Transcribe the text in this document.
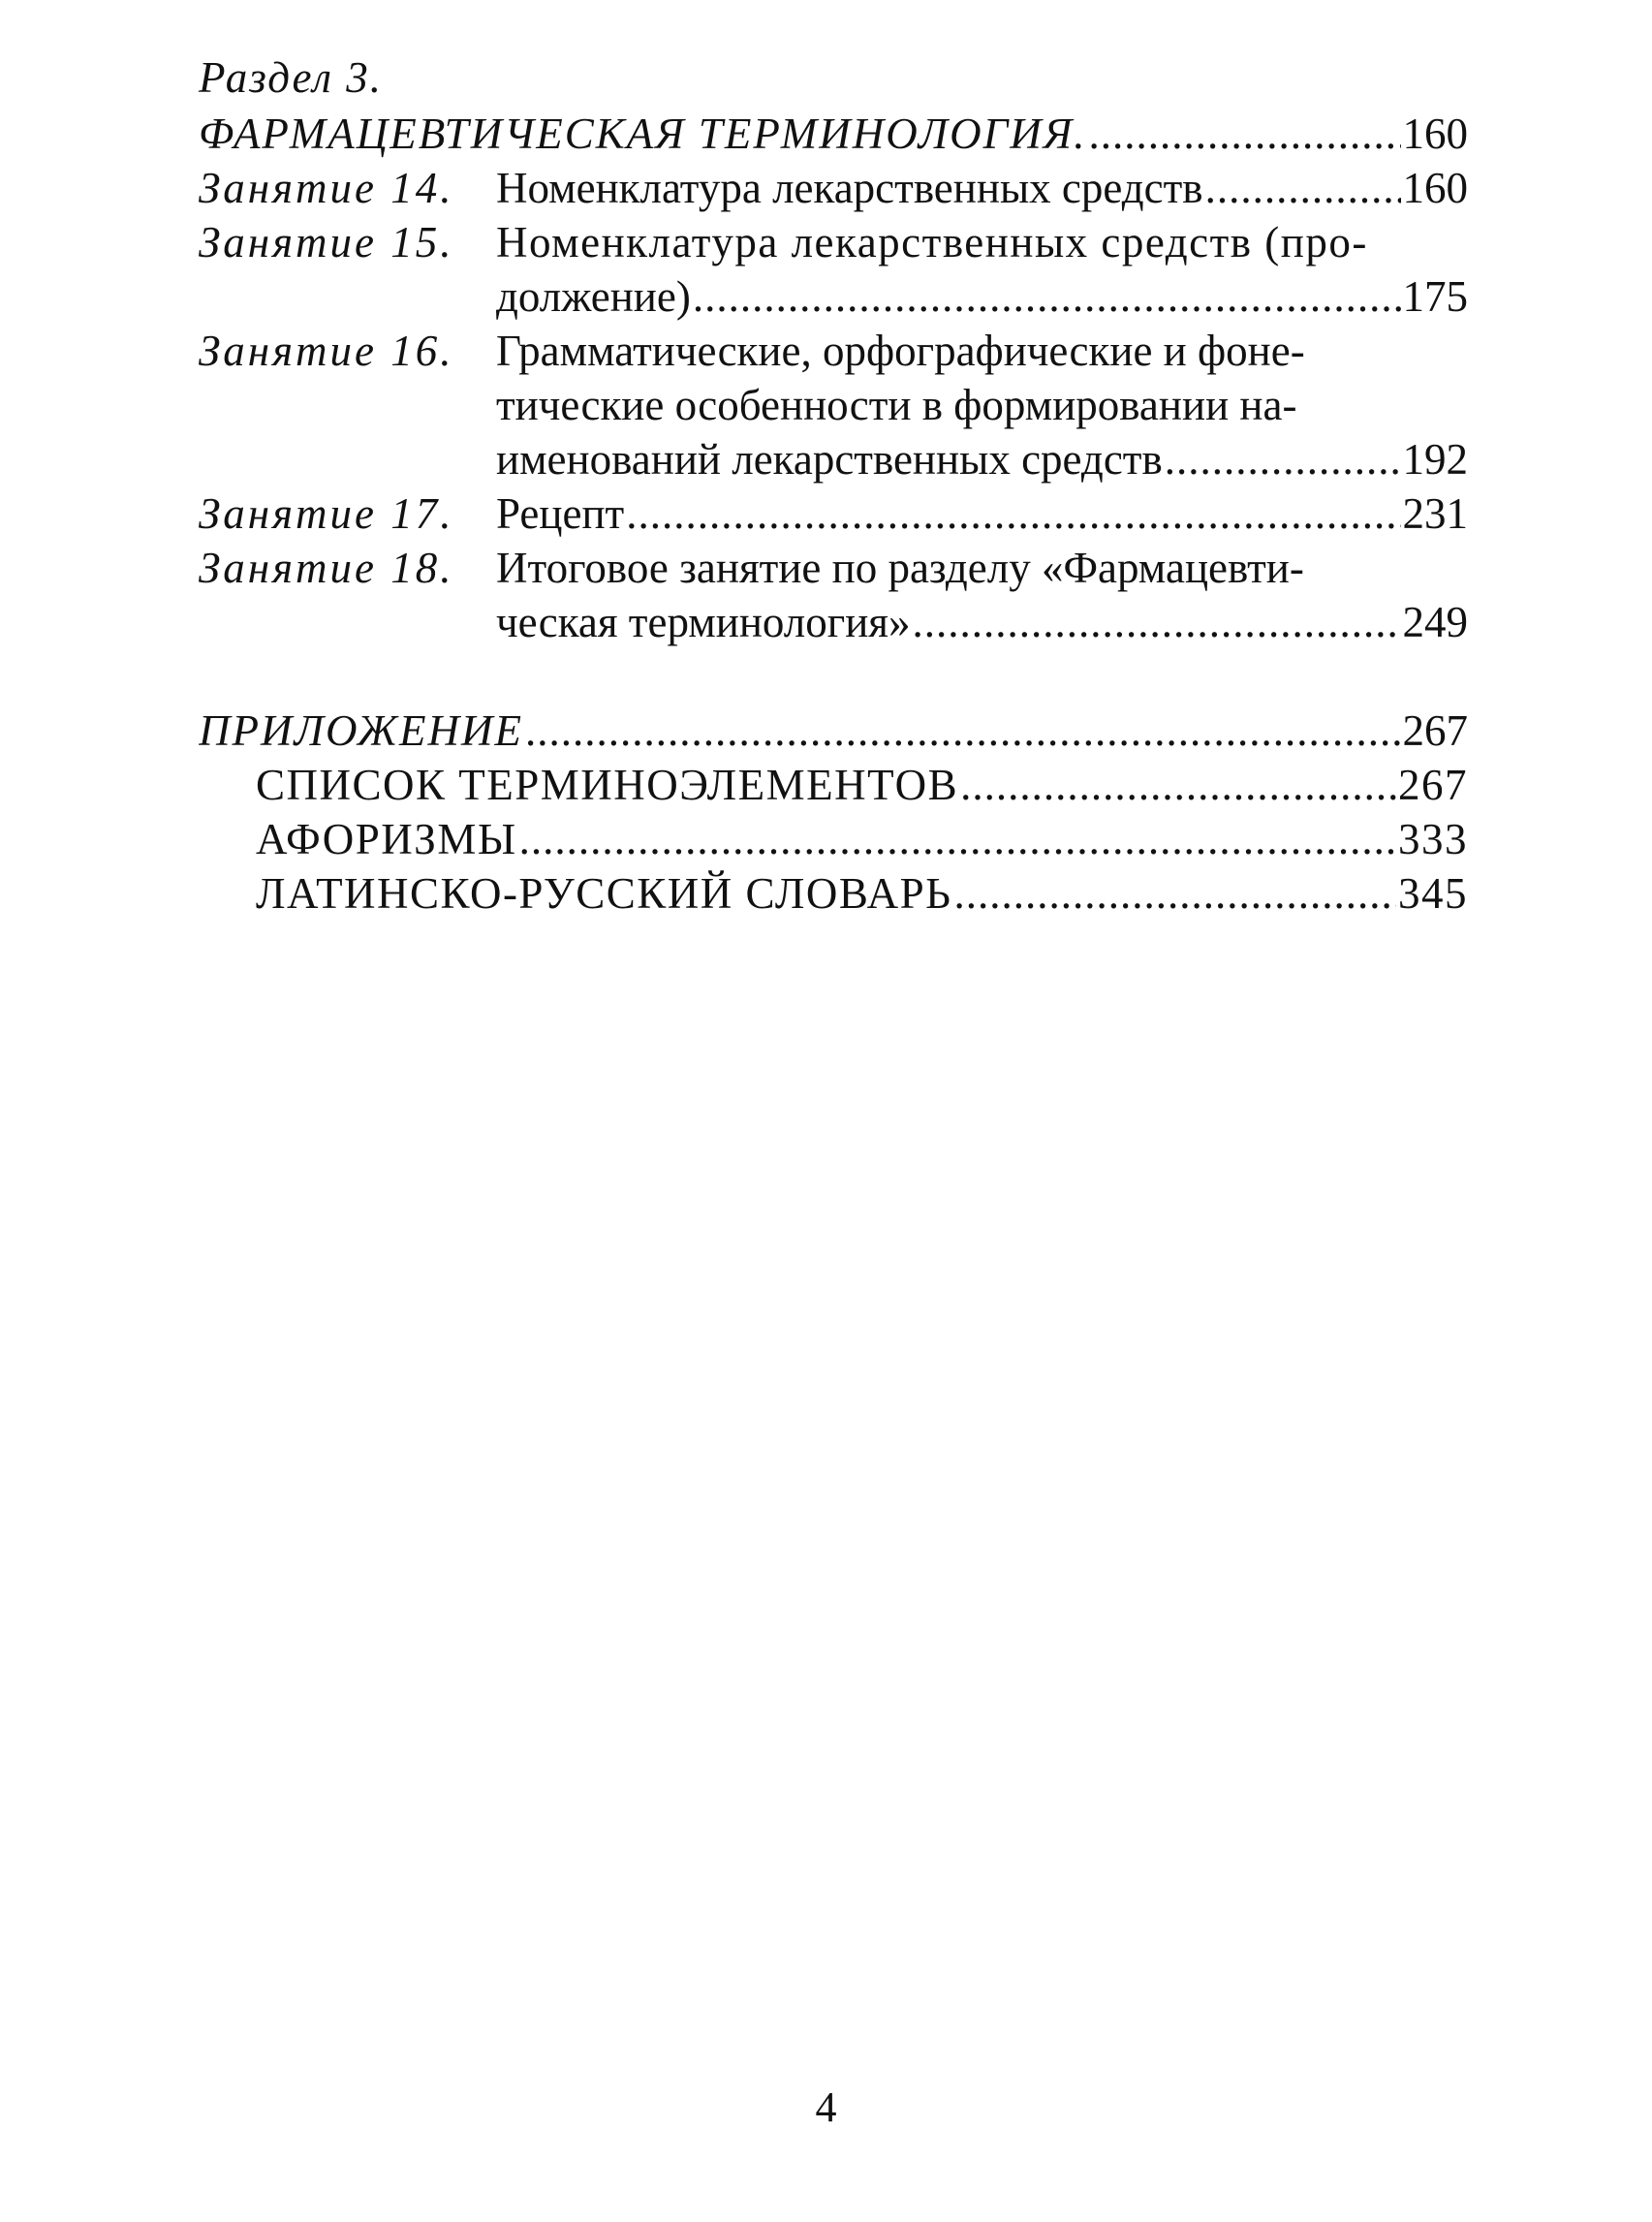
Раздел 3.
ФАРМАЦЕВТИЧЕСКАЯ ТЕРМИНОЛОГИЯ. .....	160
Занятие 14. Номенклатура лекарственных средств .....	160
Занятие 15. Номенклатура лекарственных средств (про-
должение) .....	175
Занятие 16. Грамматические, орфографические и фоне-
тические особенности в формировании на-
именований лекарственных средств .....	192
Занятие 17. Рецепт .....	231
Занятие 18. Итоговое занятие по разделу «Фармацевти-
ческая терминология» .....	249
ПРИЛОЖЕНИЕ .....	267
СПИСОК ТЕРМИНОЭЛЕМЕНТОВ .....	267
АФОРИЗМЫ .....	333
ЛАТИНСКО-РУССКИЙ СЛОВАРЬ .....	345
4
